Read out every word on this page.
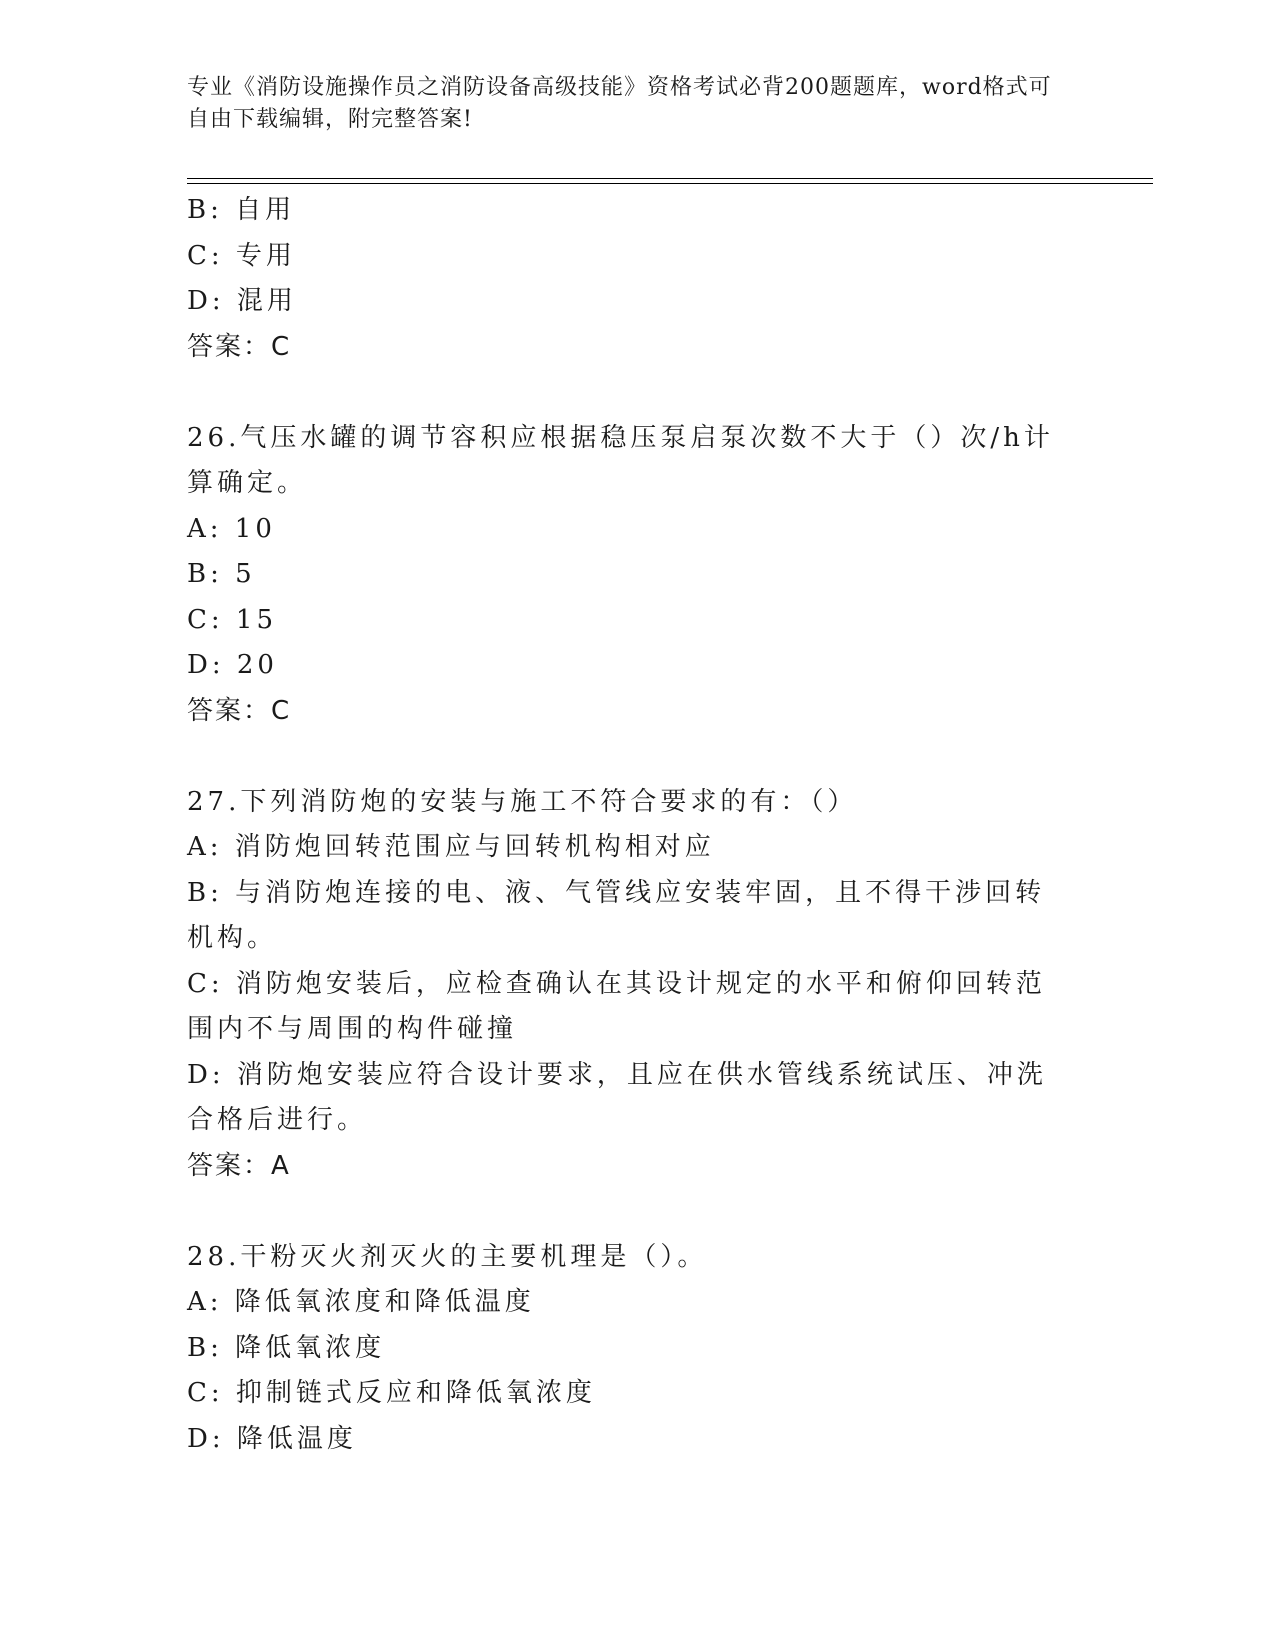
专业《消防设施操作员之消防设备高级技能》资格考试必背200题题库，word格式可自由下载编辑，附完整答案!
B: 自用
C: 专用
D: 混用
答案：C
26.气压水罐的调节容积应根据稳压泵启泵次数不大于（）次/h计算确定。
A: 10
B: 5
C: 15
D: 20
答案：C
27.下列消防炮的安装与施工不符合要求的有：（）
A: 消防炮回转范围应与回转机构相对应
B: 与消防炮连接的电、液、气管线应安装牢固，且不得干涉回转机构。
C: 消防炮安装后，应检查确认在其设计规定的水平和俯仰回转范围内不与周围的构件碰撞
D: 消防炮安装应符合设计要求，且应在供水管线系统试压、冲洗合格后进行。
答案：A
28.干粉灭火剂灭火的主要机理是（）。
A: 降低氧浓度和降低温度
B: 降低氧浓度
C: 抑制链式反应和降低氧浓度
D: 降低温度
